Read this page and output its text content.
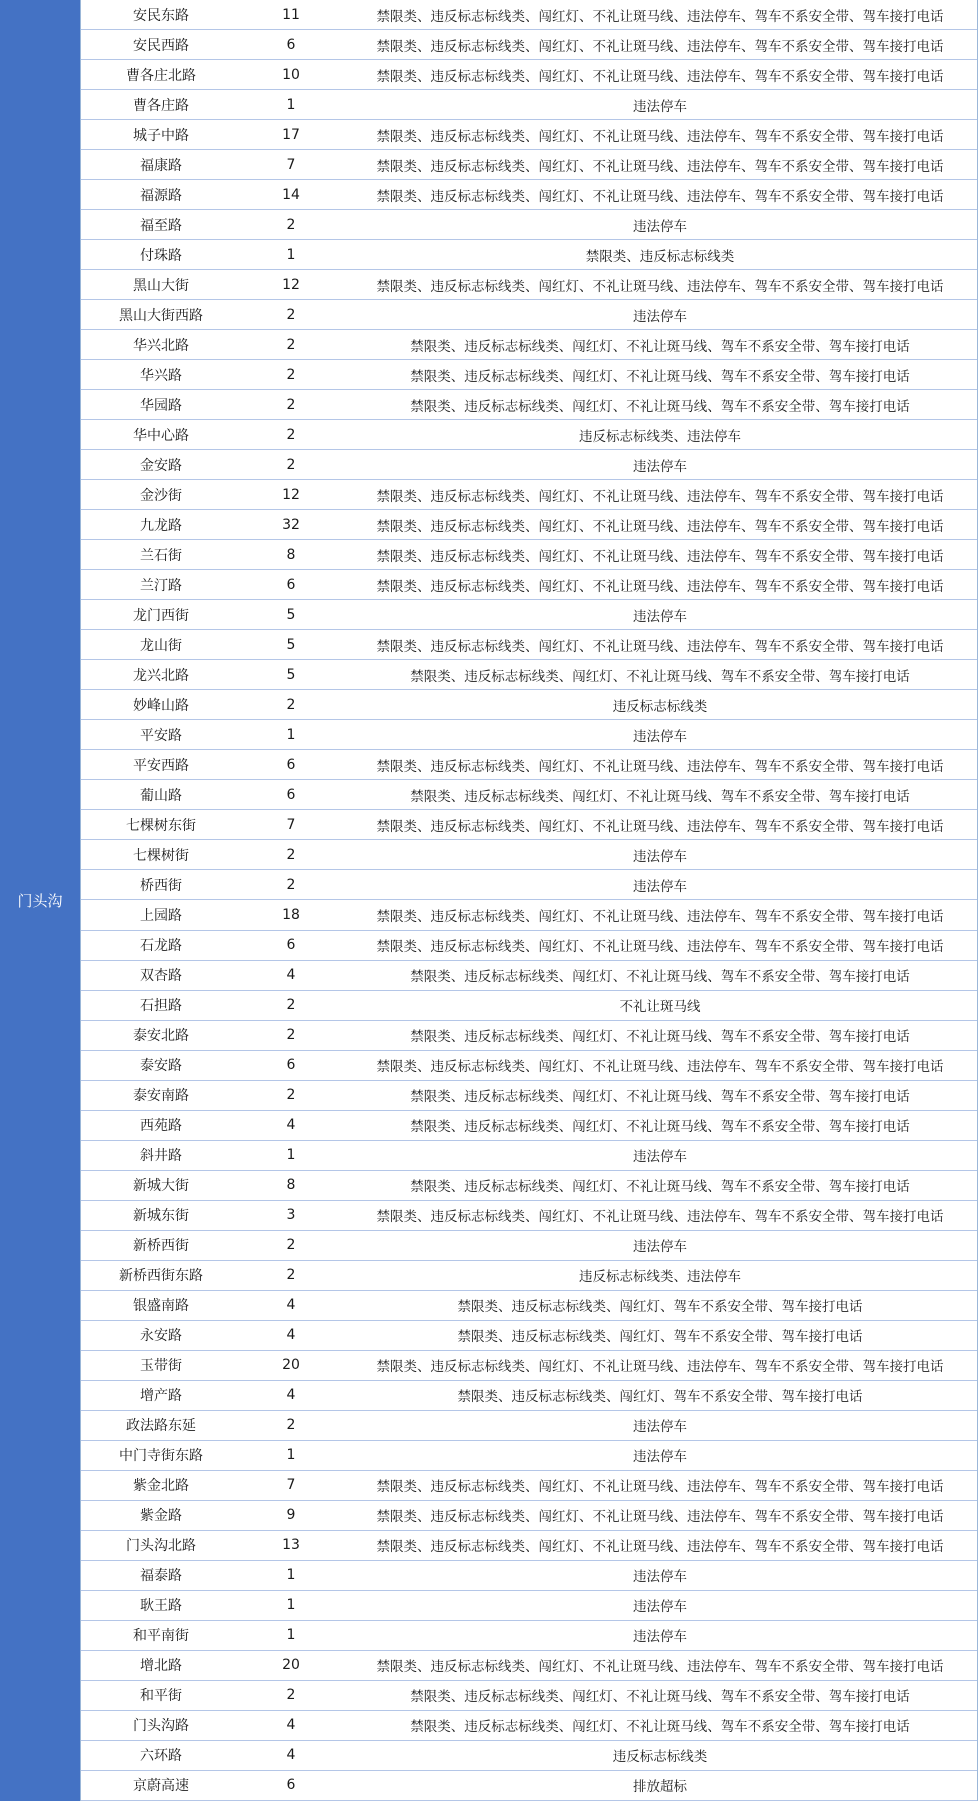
门头沟
安民东路	11	禁限类、违反标志标线类、闯红灯、不礼让斑马线、违法停车、驾车不系安全带、驾车接打电话
安民西路	6	禁限类、违反标志标线类、闯红灯、不礼让斑马线、违法停车、驾车不系安全带、驾车接打电话
曹各庄北路	10	禁限类、违反标志标线类、闯红灯、不礼让斑马线、违法停车、驾车不系安全带、驾车接打电话
曹各庄路	1	违法停车
城子中路	17	禁限类、违反标志标线类、闯红灯、不礼让斑马线、违法停车、驾车不系安全带、驾车接打电话
福康路	7	禁限类、违反标志标线类、闯红灯、不礼让斑马线、违法停车、驾车不系安全带、驾车接打电话
福源路	14	禁限类、违反标志标线类、闯红灯、不礼让斑马线、违法停车、驾车不系安全带、驾车接打电话
福至路	2	违法停车
付珠路	1	禁限类、违反标志标线类
黑山大街	12	禁限类、违反标志标线类、闯红灯、不礼让斑马线、违法停车、驾车不系安全带、驾车接打电话
黑山大街西路	2	违法停车
华兴北路	2	禁限类、违反标志标线类、闯红灯、不礼让斑马线、驾车不系安全带、驾车接打电话
华兴路	2	禁限类、违反标志标线类、闯红灯、不礼让斑马线、驾车不系安全带、驾车接打电话
华园路	2	禁限类、违反标志标线类、闯红灯、不礼让斑马线、驾车不系安全带、驾车接打电话
华中心路	2	违反标志标线类、违法停车
金安路	2	违法停车
金沙街	12	禁限类、违反标志标线类、闯红灯、不礼让斑马线、违法停车、驾车不系安全带、驾车接打电话
九龙路	32	禁限类、违反标志标线类、闯红灯、不礼让斑马线、违法停车、驾车不系安全带、驾车接打电话
兰石街	8	禁限类、违反标志标线类、闯红灯、不礼让斑马线、违法停车、驾车不系安全带、驾车接打电话
兰汀路	6	禁限类、违反标志标线类、闯红灯、不礼让斑马线、违法停车、驾车不系安全带、驾车接打电话
龙门西街	5	违法停车
龙山街	5	禁限类、违反标志标线类、闯红灯、不礼让斑马线、违法停车、驾车不系安全带、驾车接打电话
龙兴北路	5	禁限类、违反标志标线类、闯红灯、不礼让斑马线、驾车不系安全带、驾车接打电话
妙峰山路	2	违反标志标线类
平安路	1	违法停车
平安西路	6	禁限类、违反标志标线类、闯红灯、不礼让斑马线、违法停车、驾车不系安全带、驾车接打电话
葡山路	6	禁限类、违反标志标线类、闯红灯、不礼让斑马线、驾车不系安全带、驾车接打电话
七棵树东街	7	禁限类、违反标志标线类、闯红灯、不礼让斑马线、违法停车、驾车不系安全带、驾车接打电话
七棵树街	2	违法停车
桥西街	2	违法停车
上园路	18	禁限类、违反标志标线类、闯红灯、不礼让斑马线、违法停车、驾车不系安全带、驾车接打电话
石龙路	6	禁限类、违反标志标线类、闯红灯、不礼让斑马线、违法停车、驾车不系安全带、驾车接打电话
双杏路	4	禁限类、违反标志标线类、闯红灯、不礼让斑马线、驾车不系安全带、驾车接打电话
石担路	2	不礼让斑马线
泰安北路	2	禁限类、违反标志标线类、闯红灯、不礼让斑马线、驾车不系安全带、驾车接打电话
泰安路	6	禁限类、违反标志标线类、闯红灯、不礼让斑马线、违法停车、驾车不系安全带、驾车接打电话
泰安南路	2	禁限类、违反标志标线类、闯红灯、不礼让斑马线、驾车不系安全带、驾车接打电话
西苑路	4	禁限类、违反标志标线类、闯红灯、不礼让斑马线、驾车不系安全带、驾车接打电话
斜井路	1	违法停车
新城大街	8	禁限类、违反标志标线类、闯红灯、不礼让斑马线、驾车不系安全带、驾车接打电话
新城东街	3	禁限类、违反标志标线类、闯红灯、不礼让斑马线、违法停车、驾车不系安全带、驾车接打电话
新桥西街	2	违法停车
新桥西街东路	2	违反标志标线类、违法停车
银盛南路	4	禁限类、违反标志标线类、闯红灯、驾车不系安全带、驾车接打电话
永安路	4	禁限类、违反标志标线类、闯红灯、驾车不系安全带、驾车接打电话
玉带街	20	禁限类、违反标志标线类、闯红灯、不礼让斑马线、违法停车、驾车不系安全带、驾车接打电话
增产路	4	禁限类、违反标志标线类、闯红灯、驾车不系安全带、驾车接打电话
政法路东延	2	违法停车
中门寺街东路	1	违法停车
紫金北路	7	禁限类、违反标志标线类、闯红灯、不礼让斑马线、违法停车、驾车不系安全带、驾车接打电话
紫金路	9	禁限类、违反标志标线类、闯红灯、不礼让斑马线、违法停车、驾车不系安全带、驾车接打电话
门头沟北路	13	禁限类、违反标志标线类、闯红灯、不礼让斑马线、违法停车、驾车不系安全带、驾车接打电话
福泰路	1	违法停车
耿王路	1	违法停车
和平南街	1	违法停车
增北路	20	禁限类、违反标志标线类、闯红灯、不礼让斑马线、违法停车、驾车不系安全带、驾车接打电话
和平街	2	禁限类、违反标志标线类、闯红灯、不礼让斑马线、驾车不系安全带、驾车接打电话
门头沟路	4	禁限类、违反标志标线类、闯红灯、不礼让斑马线、驾车不系安全带、驾车接打电话
六环路	4	违反标志标线类
京蔚高速	6	排放超标
